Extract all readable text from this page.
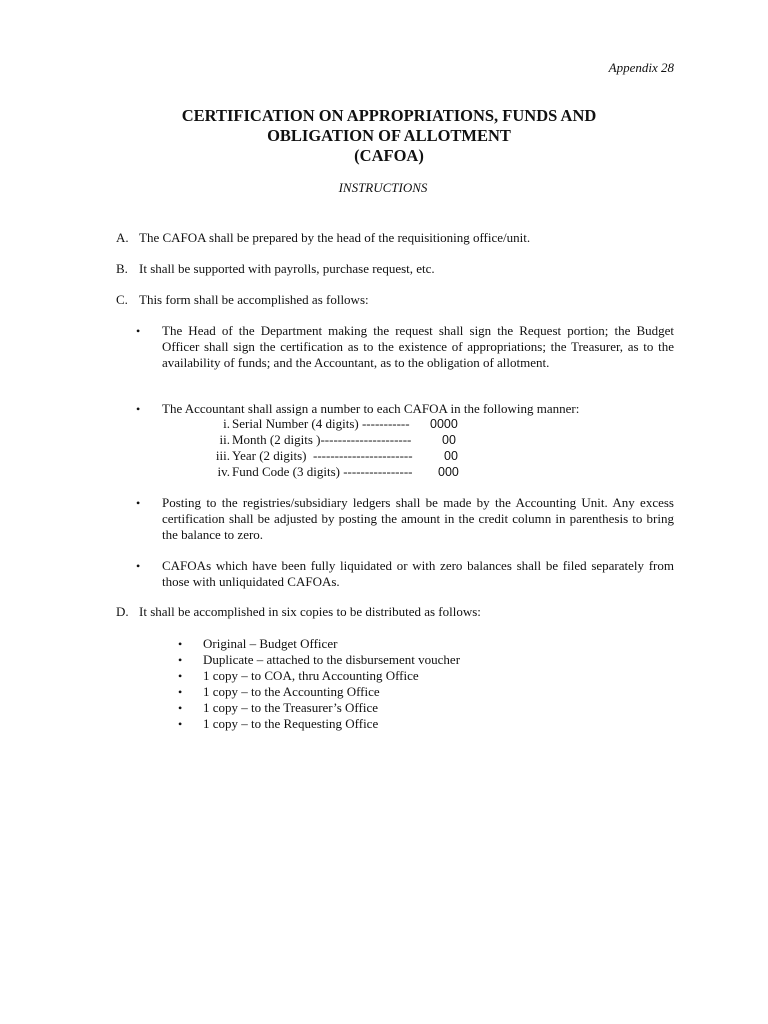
Appendix 28
CERTIFICATION ON APPROPRIATIONS, FUNDS AND
OBLIGATION OF ALLOTMENT
(CAFOA)
INSTRUCTIONS
A. The CAFOA shall be prepared by the head of the requisitioning office/unit.
B. It shall be supported with payrolls, purchase request, etc.
C. This form shall be accomplished as follows:
• The Head of the Department making the request shall sign the Request portion; the Budget Officer shall sign the certification as to the existence of appropriations; the Treasurer, as to the availability of funds; and the Accountant, as to the obligation of allotment.
• The Accountant shall assign a number to each CAFOA in the following manner:
i. Serial Number (4 digits) ----------- 0000
ii. Month (2 digits )--------------------- 00
iii. Year (2 digits)  -----------------------	00
iv. Fund Code (3 digits) ---------------- 000
• Posting to the registries/subsidiary ledgers shall be made by the Accounting Unit. Any excess certification shall be adjusted by posting the amount in the credit column in parenthesis to bring the balance to zero.
• CAFOAs which have been fully liquidated or with zero balances shall be filed separately from those with unliquidated CAFOAs.
D. It shall be accomplished in six copies to be distributed as follows:
• Original – Budget Officer
• Duplicate – attached to the disbursement voucher
• 1 copy – to COA, thru Accounting Office
• 1 copy – to the Accounting Office
• 1 copy – to the Treasurer’s Office
• 1 copy – to the Requesting Office
